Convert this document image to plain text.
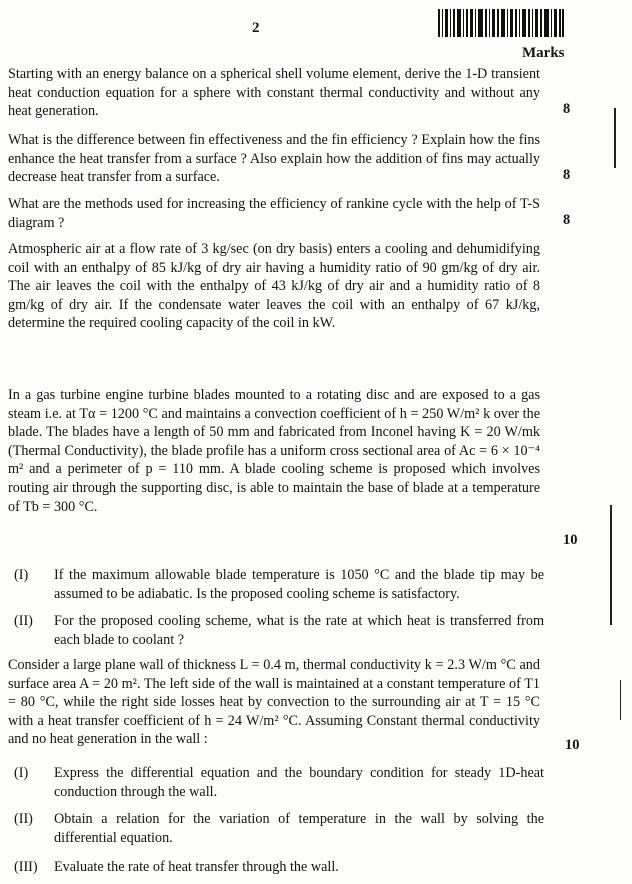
2
Marks
Starting with an energy balance on a spherical shell volume element, derive the 1-D transient heat conduction equation for a sphere with constant thermal conductivity and without any heat generation.	8
What is the difference between fin effectiveness and the fin efficiency ? Explain how the fins enhance the heat transfer from a surface ? Also explain how the addition of fins may actually decrease heat transfer from a surface.	8
What are the methods used for increasing the efficiency of rankine cycle with the help of T-S diagram ?	8
Atmospheric air at a flow rate of 3 kg/sec (on dry basis) enters a cooling and dehumidifying coil with an enthalpy of 85 kJ/kg of dry air having a humidity ratio of 90 gm/kg of dry air. The air leaves the coil with the enthalpy of 43 kJ/kg of dry air and a humidity ratio of 8 gm/kg of dry air. If the condensate water leaves the coil with an enthalpy of 67 kJ/kg, determine the required cooling capacity of the coil in kW.
In a gas turbine engine turbine blades mounted to a rotating disc and are exposed to a gas steam i.e. at Tα = 1200 °C and maintains a convection coefficient of h = 250 W/m² k over the blade. The blades have a length of 50 mm and fabricated from Inconel having K = 20 W/mk (Thermal Conductivity), the blade profile has a uniform cross sectional area of Ac = 6 × 10⁻⁴ m² and a perimeter of p = 110 mm. A blade cooling scheme is proposed which involves routing air through the supporting disc, is able to maintain the base of blade at a temperature of Tb = 300 °C.
10
(I) If the maximum allowable blade temperature is 1050 °C and the blade tip may be assumed to be adiabatic. Is the proposed cooling scheme is satisfactory.
(II) For the proposed cooling scheme, what is the rate at which heat is transferred from each blade to coolant ?
Consider a large plane wall of thickness L = 0.4 m, thermal conductivity k = 2.3 W/m °C and surface area A = 20 m². The left side of the wall is maintained at a constant temperature of T1 = 80 °C, while the right side losses heat by convection to the surrounding air at T = 15 °C with a heat transfer coefficient of h = 24 W/m² °C. Assuming Constant thermal conductivity and no heat generation in the wall :	10
(I) Express the differential equation and the boundary condition for steady 1D-heat conduction through the wall.
(II) Obtain a relation for the variation of temperature in the wall by solving the differential equation.
(III) Evaluate the rate of heat transfer through the wall.
